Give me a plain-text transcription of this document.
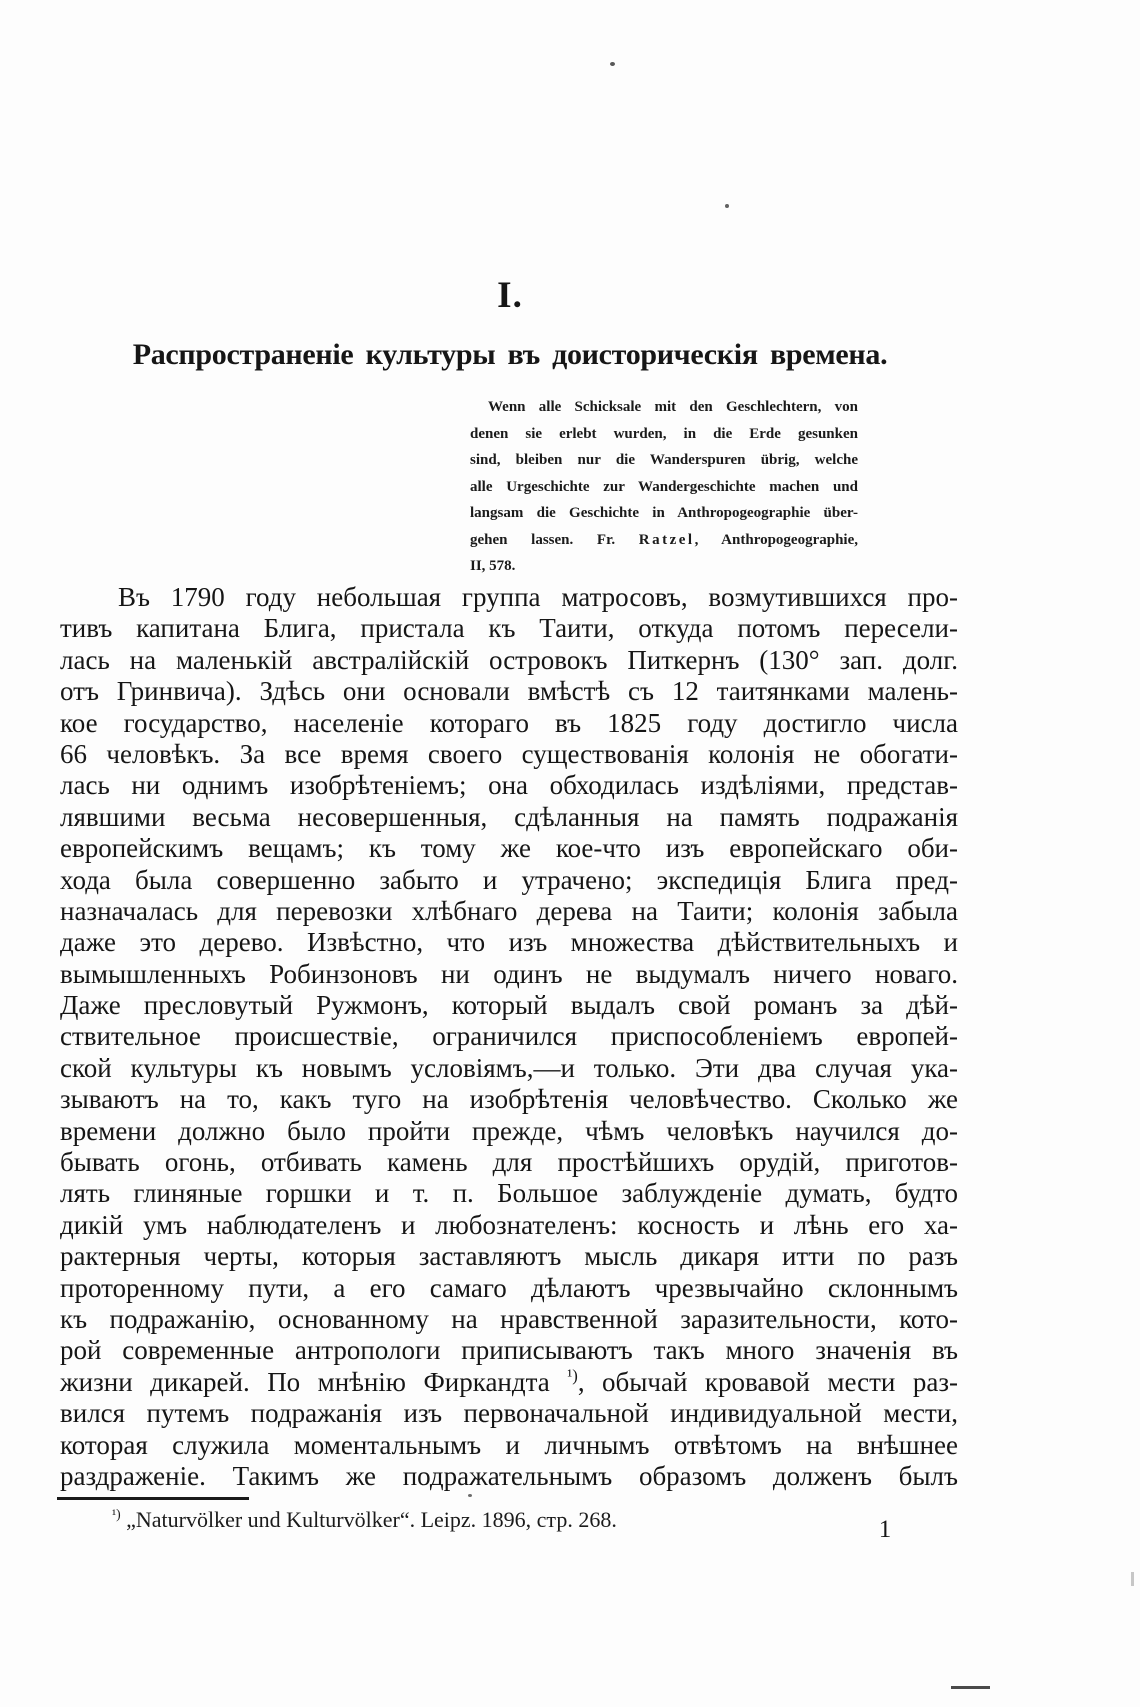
I.
Распространеніе культуры въ доисторическія времена.
Wenn alle Schicksale mit den Geschlechtern, von
denen sie erlebt wurden, in die Erde gesunken
sind, bleiben nur die Wanderspuren übrig, welche
alle Urgeschichte zur Wandergeschichte machen und
langsam die Geschichte in Anthropogeographie über-
gehen lassen. Fr. Ratzel, Anthropogeographie,
II, 578.
Въ 1790 году небольшая группа матросовъ, возмутившихся про-
тивъ капитана Блига, пристала къ Таити, откуда потомъ пересели-
лась на маленькій австралійскій островокъ Питкернъ (130° зап. долг.
отъ Гринвича). Здѣсь они основали вмѣстѣ съ 12 таитянками малень-
кое государство, населеніе котораго въ 1825 году достигло числа
66 человѣкъ. За все время своего существованія колонія не обогати-
лась ни однимъ изобрѣтеніемъ; она обходилась издѣліями, представ-
лявшими весьма несовершенныя, сдѣланныя на память подражанія
европейскимъ вещамъ; къ тому же кое-что изъ европейскаго оби-
хода была совершенно забыто и утрачено; экспедиція Блига пред-
назначалась для перевозки хлѣбнаго дерева на Таити; колонія забыла
даже это дерево. Извѣстно, что изъ множества дѣйствительныхъ и
вымышленныхъ Робинзоновъ ни одинъ не выдумалъ ничего новаго.
Даже пресловутый Ружмонъ, который выдалъ свой романъ за дѣй-
ствительное происшествіе, ограничился приспособленіемъ европей-
ской культуры къ новымъ условіямъ,—и только. Эти два случая ука-
зываютъ на то, какъ туго на изобрѣтенія человѣчество. Сколько же
времени должно было пройти прежде, чѣмъ человѣкъ научился до-
бывать огонь, отбивать камень для простѣйшихъ орудій, приготов-
лять глиняные горшки и т. п. Большое заблужденіе думать, будто
дикій умъ наблюдателенъ и любознателенъ: косность и лѣнь его ха-
рактерныя черты, которыя заставляютъ мысль дикаря итти по разъ
проторенному пути, а его самаго дѣлаютъ чрезвычайно склоннымъ
къ подражанію, основанному на нравственной заразительности, кото-
рой современные антропологи приписываютъ такъ много значенія въ
жизни дикарей. По мнѣнію Фиркандта $^{^1)}$, обычай кровавой мести раз-
вился путемъ подражанія изъ первоначальной индивидуальной мести,
которая служила моментальнымъ и личнымъ отвѣтомъ на внѣшнее
раздраженіе. Такимъ же подражательнымъ образомъ долженъ былъ
$^{^1)}$ „Naturvölker und Kulturvölker“. Leipz. 1896, стр. 268.	1
